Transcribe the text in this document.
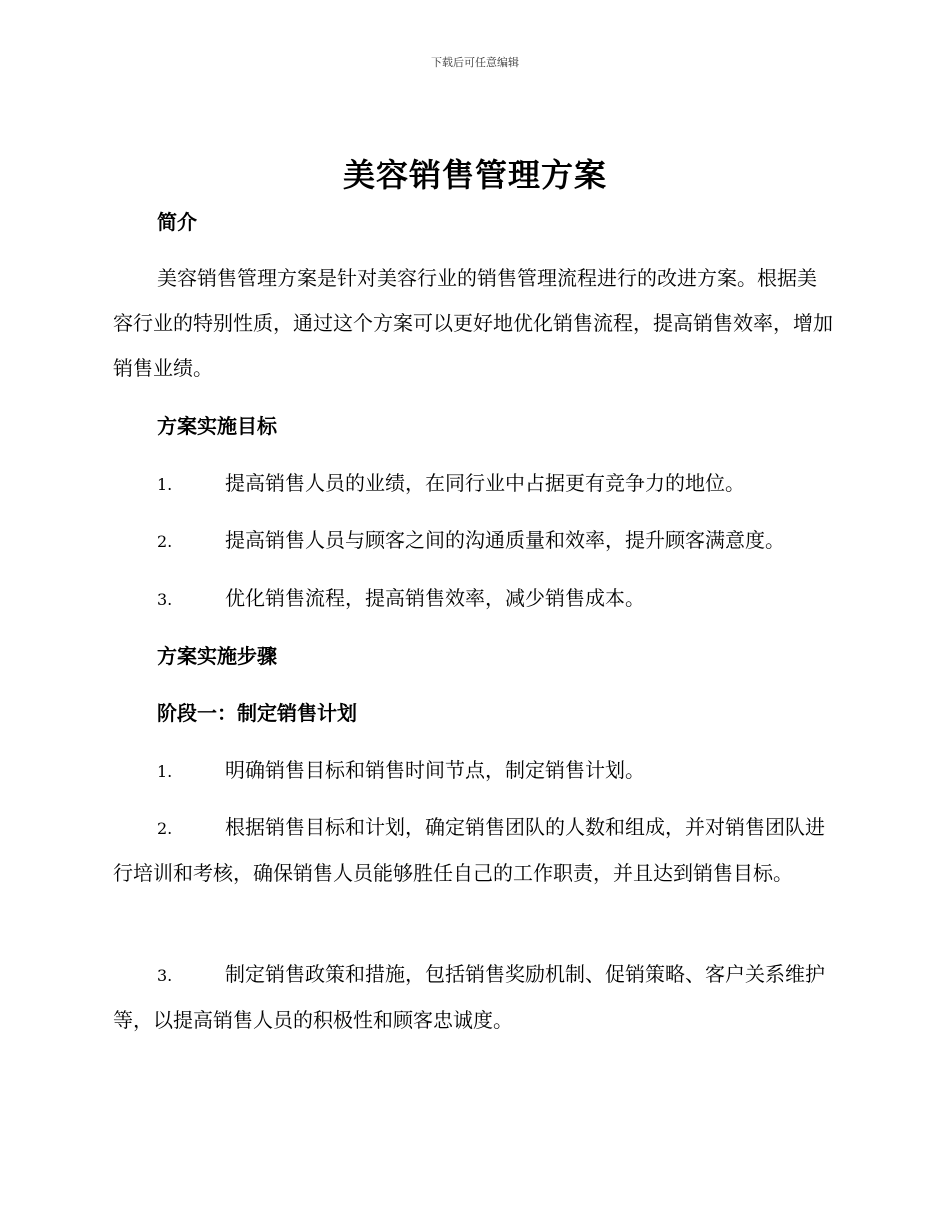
下载后可任意编辑
美容销售管理方案
简介

美容销售管理方案是针对美容行业的销售管理流程进行的改进方案。根据美容行业的特别性质，通过这个方案可以更好地优化销售流程，提高销售效率，增加销售业绩。

方案实施目标

1.	提高销售人员的业绩，在同行业中占据更有竞争力的地位。

2.	提高销售人员与顾客之间的沟通质量和效率，提升顾客满意度。

3.	优化销售流程，提高销售效率，减少销售成本。

方案实施步骤
阶段一：制定销售计划

1.	明确销售目标和销售时间节点，制定销售计划。

2.	根据销售目标和计划，确定销售团队的人数和组成，并对销售团队进行培训和考核，确保销售人员能够胜任自己的工作职责，并且达到销售目标。

3.	制定销售政策和措施，包括销售奖励机制、促销策略、客户关系维护等，以提高销售人员的积极性和顾客忠诚度。
